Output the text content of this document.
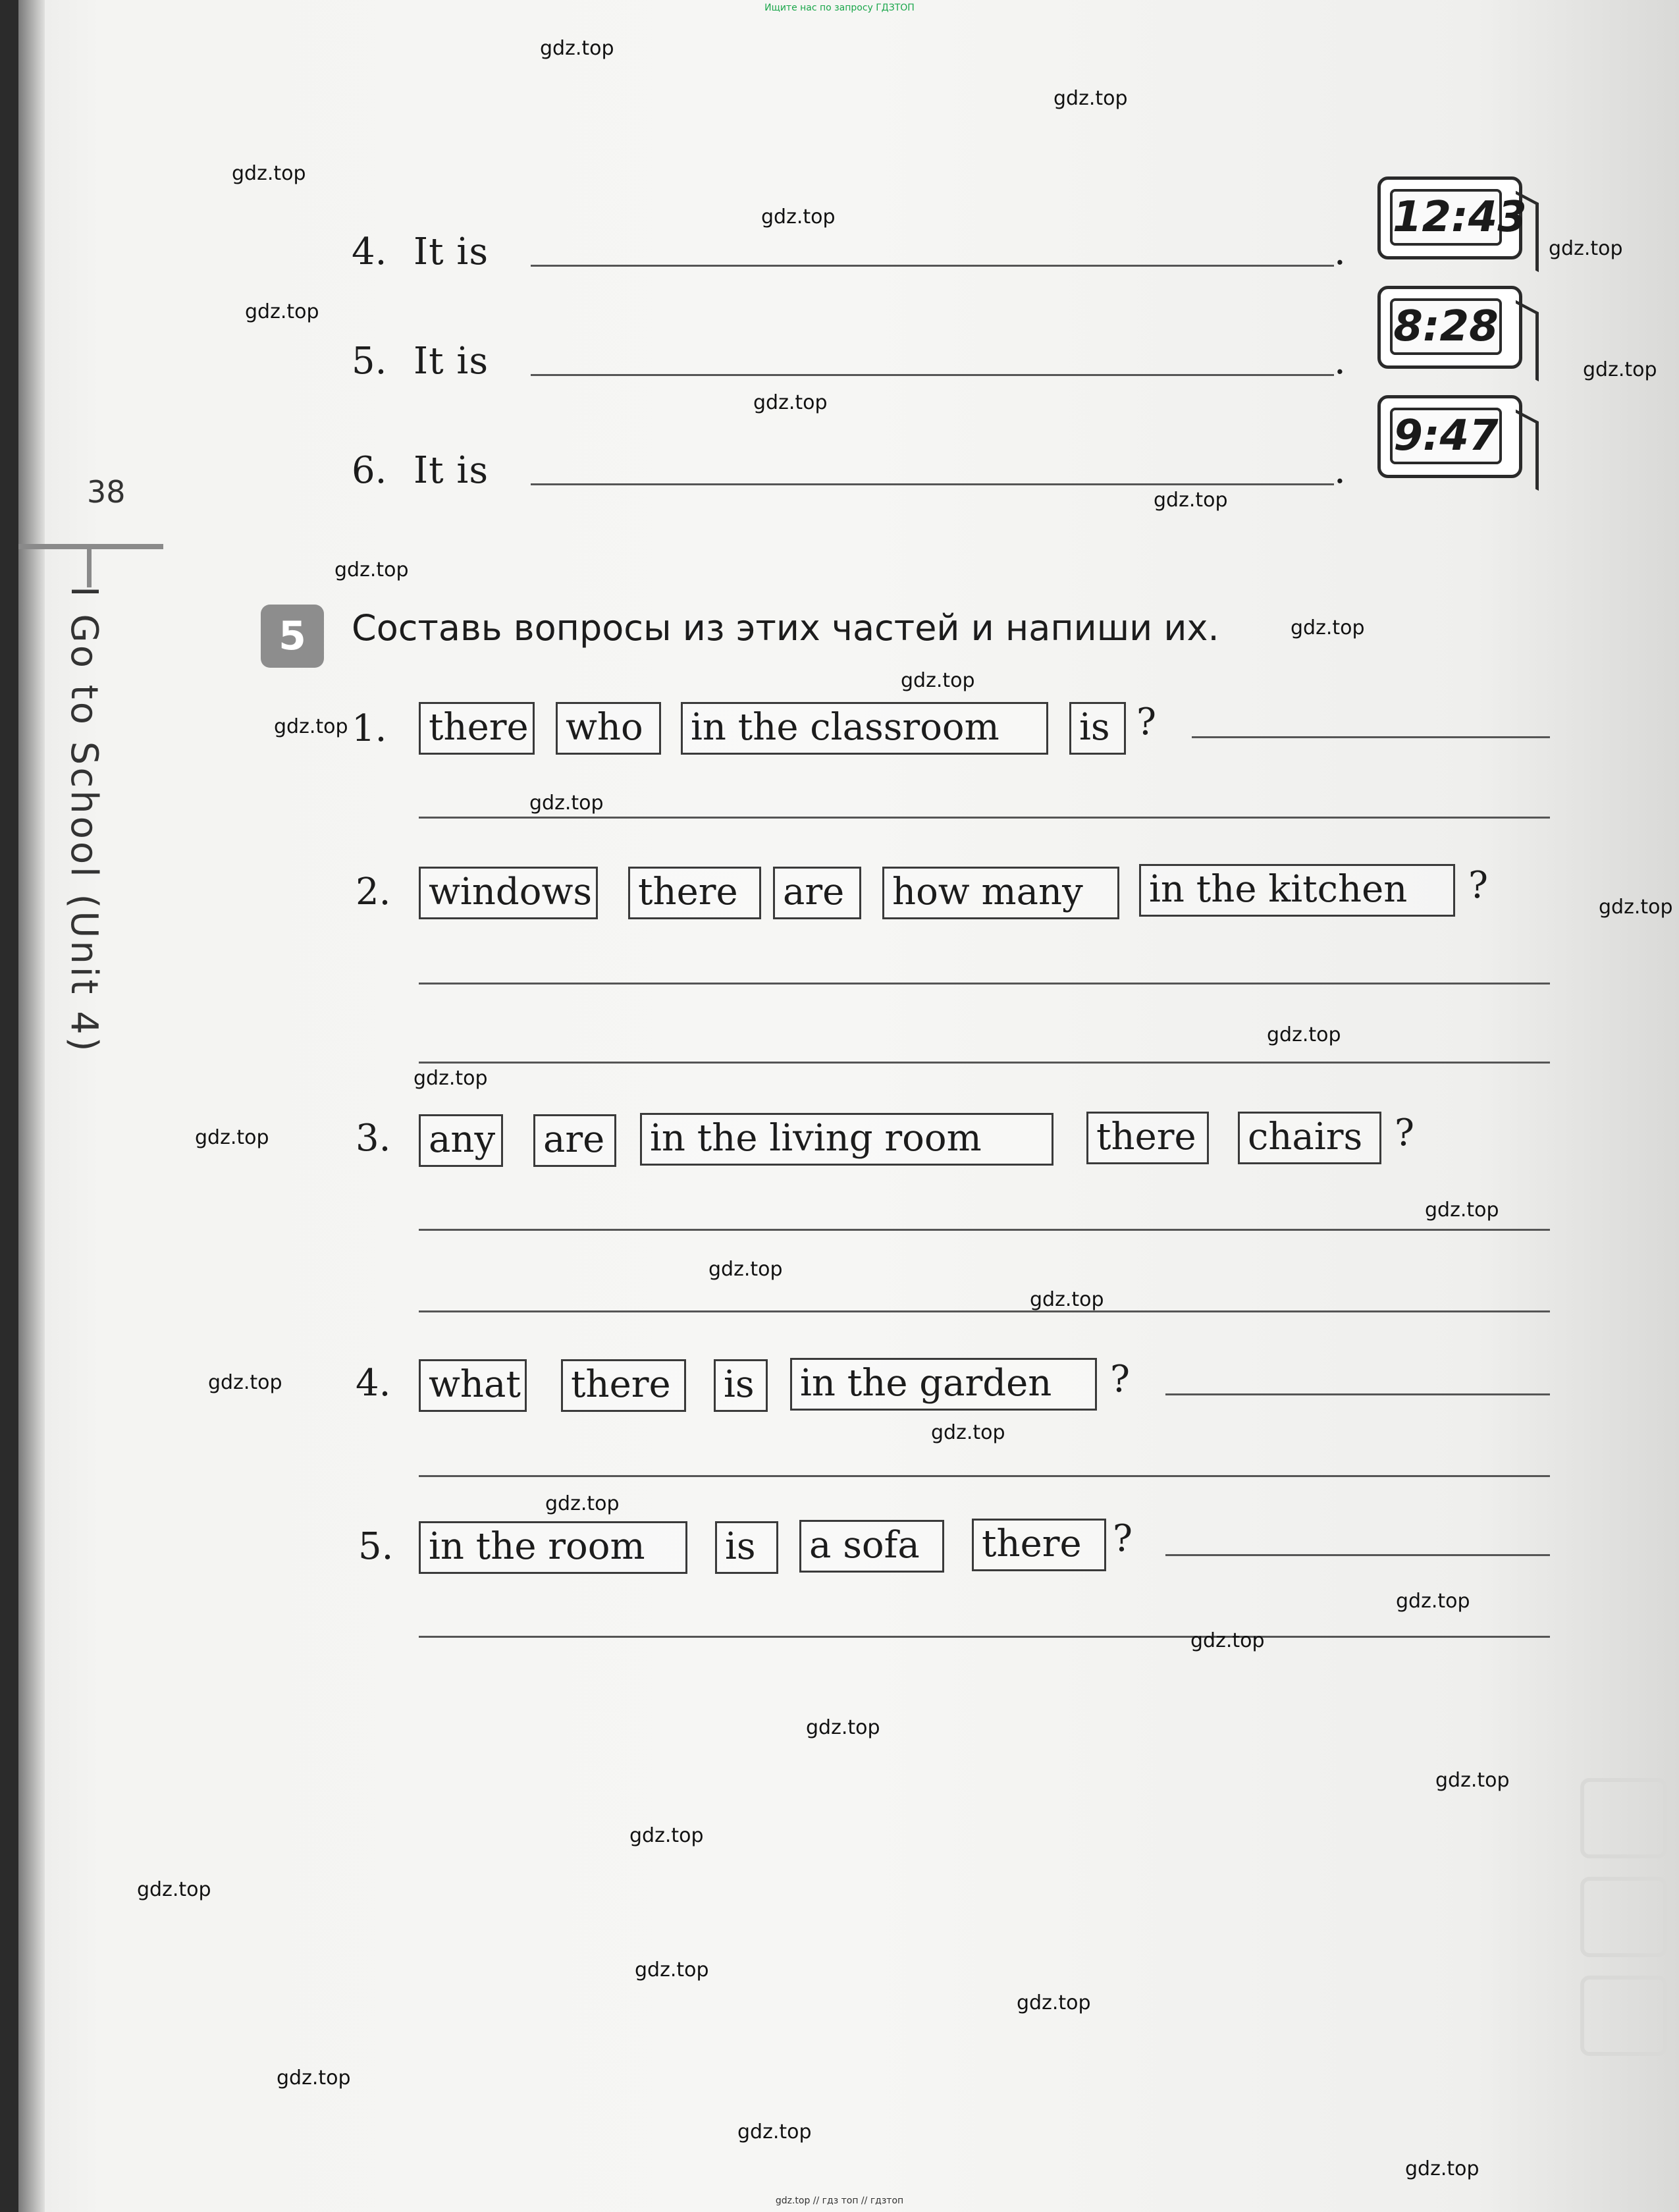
Ищите нас по запросу ГДЗТОП
gdz.top // гдз топ // гдзтоп
38
I Go to School (Unit 4)
4. It is	.
12:43
5. It is	.
8:28
6. It is	.
9:47
5	Составь вопросы из этих частей и напиши их.
1. there who	in the classroom	is ?
2. windows there	are	how many	in the kitchen	?
3. any are	in the living room	there	chairs ?
4. what there	is	in the garden	?
5. in the room	is	a sofa	there ?
gdz.top
gdz.top
gdz.top
gdz.top
gdz.top
gdz.top
gdz.top
gdz.top
gdz.top
gdz.top
gdz.top
gdz.top
gdz.top
gdz.top
gdz.top
gdz.top
gdz.top
gdz.top
gdz.top
gdz.top
gdz.top
gdz.top
gdz.top
gdz.top
gdz.top
gdz.top
gdz.top
gdz.top
gdz.top
gdz.top
gdz.top
gdz.top
gdz.top
gdz.top
gdz.top
